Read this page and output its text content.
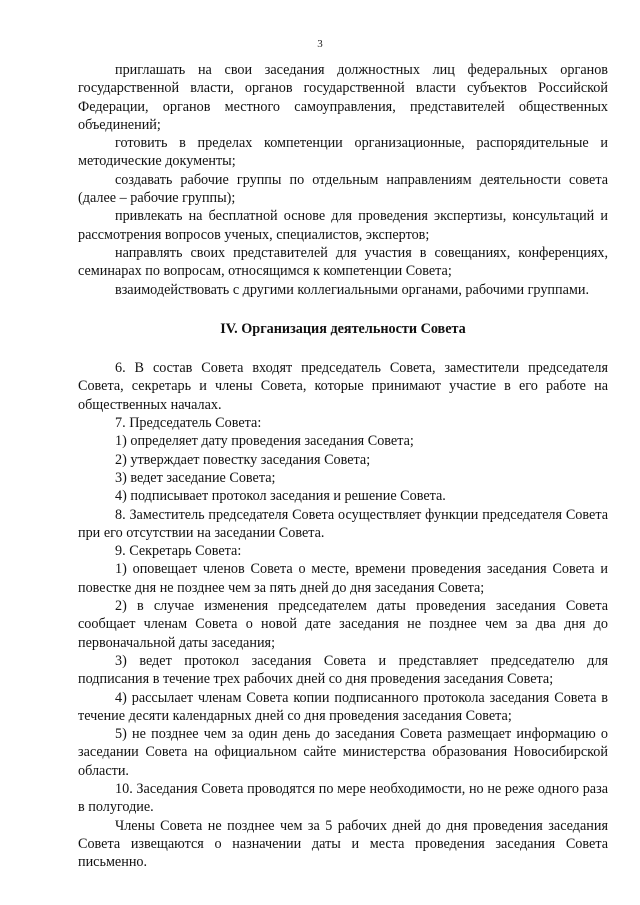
3

приглашать на свои заседания должностных лиц федеральных органов государственной власти, органов государственной власти субъектов Российской Федерации, органов местного самоуправления, представителей общественных объединений;

готовить в пределах компетенции организационные, распорядительные и методические документы;

создавать рабочие группы по отдельным направлениям деятельности совета (далее – рабочие группы);

привлекать на бесплатной основе для проведения экспертизы, консультаций и рассмотрения вопросов ученых, специалистов, экспертов;

направлять своих представителей для участия в совещаниях, конференциях, семинарах по вопросам, относящимся к компетенции Совета;

взаимодействовать с другими коллегиальными органами, рабочими группами.

IV. Организация деятельности Совета

6. В состав Совета входят председатель Совета, заместители председателя Совета, секретарь и члены Совета, которые принимают участие в его работе на общественных началах.

7. Председатель Совета:

1) определяет дату проведения заседания Совета;

2) утверждает повестку заседания Совета;

3) ведет заседание Совета;

4) подписывает протокол заседания и решение Совета.

8. Заместитель председателя Совета осуществляет функции председателя Совета при его отсутствии на заседании Совета.

9. Секретарь Совета:

1) оповещает членов Совета о месте, времени проведения заседания Совета и повестке дня не позднее чем за пять дней до дня заседания Совета;

2) в случае изменения председателем даты проведения заседания Совета сообщает членам Совета о новой дате заседания не позднее чем за два дня до первоначальной даты заседания;

3) ведет протокол заседания Совета и представляет председателю для подписания в течение трех рабочих дней со дня проведения заседания Совета;

4) рассылает членам Совета копии подписанного протокола заседания Совета в течение десяти календарных дней со дня проведения заседания Совета;

5) не позднее чем за один день до заседания Совета размещает информацию о заседании Совета на официальном сайте министерства образования Новосибирской области.

10. Заседания Совета проводятся по мере необходимости, но не реже одного раза в полугодие.

Члены Совета не позднее чем за 5 рабочих дней до дня проведения заседания Совета извещаются о назначении даты и места проведения заседания Совета письменно.
